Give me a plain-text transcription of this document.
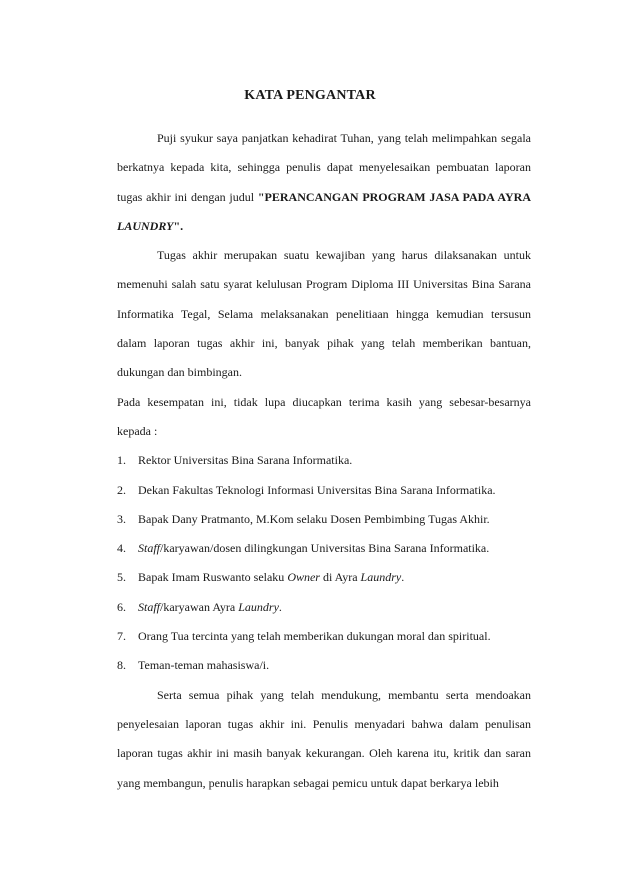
KATA PENGANTAR

Puji syukur saya panjatkan kehadirat Tuhan, yang telah melimpahkan segala berkatnya kepada kita, sehingga penulis dapat menyelesaikan pembuatan laporan tugas akhir ini dengan judul "PERANCANGAN PROGRAM JASA PADA AYRA LAUNDRY".

Tugas akhir merupakan suatu kewajiban yang harus dilaksanakan untuk memenuhi salah satu syarat kelulusan Program Diploma III Universitas Bina Sarana Informatika Tegal, Selama melaksanakan penelitiaan hingga kemudian tersusun dalam laporan tugas akhir ini, banyak pihak yang telah memberikan bantuan, dukungan dan bimbingan.

Pada kesempatan ini, tidak lupa diucapkan terima kasih yang sebesar-besarnya kepada :

1. Rektor Universitas Bina Sarana Informatika.
2. Dekan Fakultas Teknologi Informasi Universitas Bina Sarana Informatika.
3. Bapak Dany Pratmanto, M.Kom selaku Dosen Pembimbing Tugas Akhir.
4. Staff/karyawan/dosen dilingkungan Universitas Bina Sarana Informatika.
5. Bapak Imam Ruswanto selaku Owner di Ayra Laundry.
6. Staff/karyawan Ayra Laundry.
7. Orang Tua tercinta yang telah memberikan dukungan moral dan spiritual.
8. Teman-teman mahasiswa/i.

Serta semua pihak yang telah mendukung, membantu serta mendoakan penyelesaian laporan tugas akhir ini. Penulis menyadari bahwa dalam penulisan laporan tugas akhir ini masih banyak kekurangan. Oleh karena itu, kritik dan saran yang membangun, penulis harapkan sebagai pemicu untuk dapat berkarya lebih
